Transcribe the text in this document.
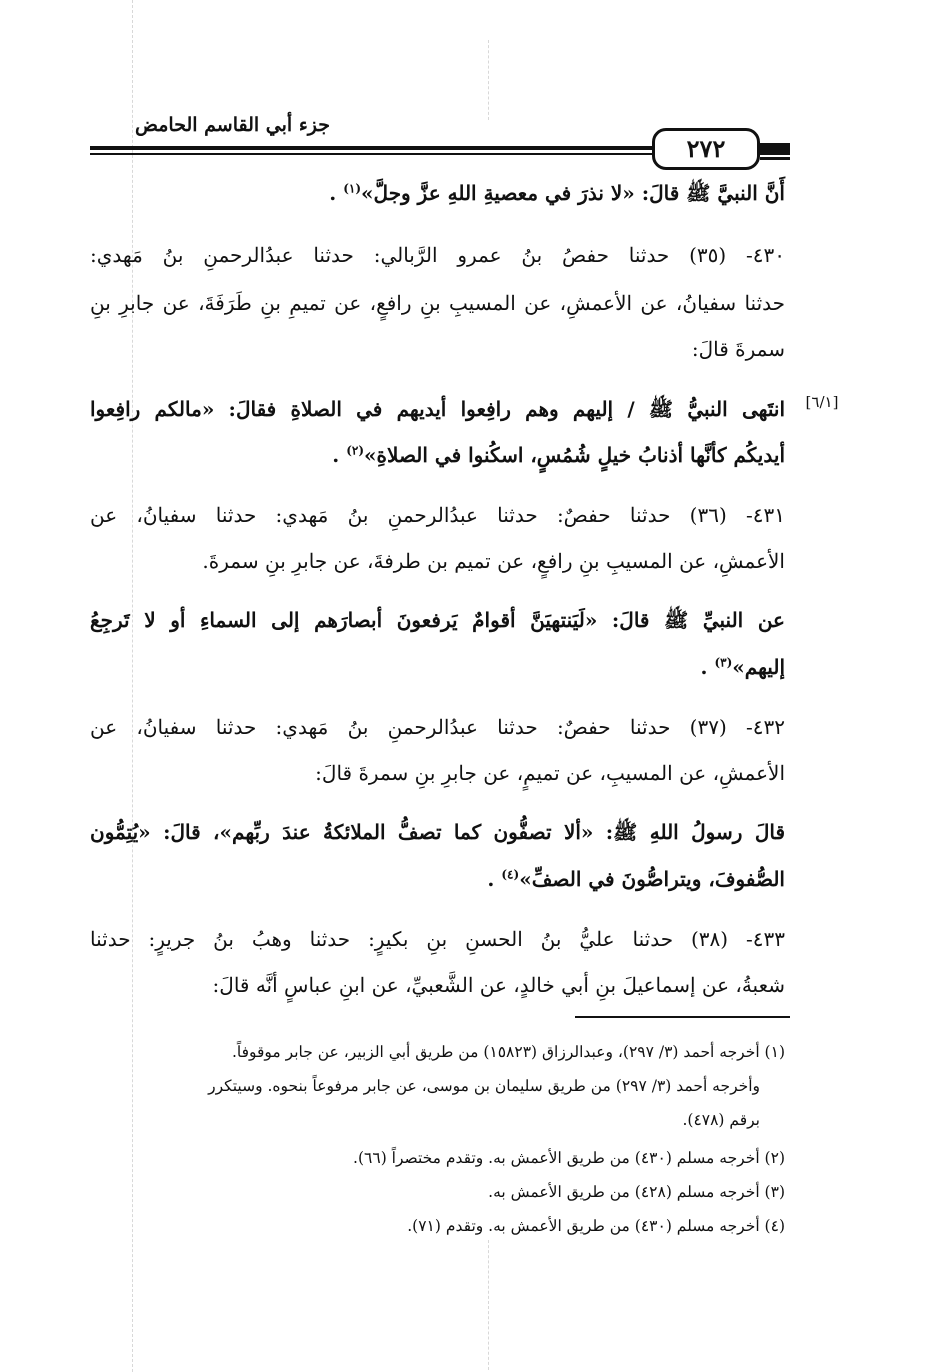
جزء أبي القاسم الحامض
٢٧٢
[٦/١]
أَنَّ النبيَّ ﷺ قالَ: «لا نذرَ في معصيةِ اللهِ عزَّ وجلَّ»$^{(١)}$ .
٤٣٠- (٣٥) حدثنا حفصُ بنُ عمرو الرَّبالي: حدثنا عبدُالرحمنِ بنُ مَهدي:
حدثنا سفيانُ، عن الأعمشِ، عن المسيبِ بنِ رافعٍ، عن تميمِ بنِ طَرَفَةَ، عن جابرِ بنِ
سمرةَ قالَ:
انتَهى النبيُّ ﷺ / إليهم وهم رافِعوا أيديهم في الصلاةِ فقالَ: «مالكم رافِعوا
أيديكُم كأنَّها أذنابُ خيلٍ شُمُسٍ، اسكُنوا في الصلاةِ»$^{(٢)}$ .
٤٣١- (٣٦) حدثنا حفصٌ: حدثنا عبدُالرحمنِ بنُ مَهدي: حدثنا سفيانُ، عن
الأعمشِ، عن المسيبِ بنِ رافعٍ، عن تميم بن طرفةَ، عن جابرِ بنِ سمرةَ.
عن النبيِّ ﷺ قالَ: «لَيَنتهيَنَّ أقوامٌ يَرفعونَ أبصارَهم إلى السماءِ أو لا تَرجِعُ
إليهم»$^{(٣)}$ .
٤٣٢- (٣٧) حدثنا حفصٌ: حدثنا عبدُالرحمنِ بنُ مَهدي: حدثنا سفيانُ، عن
الأعمشِ، عن المسيبِ، عن تميمٍ، عن جابرِ بنِ سمرةَ قالَ:
قالَ رسولُ اللهِ ﷺ: «ألا تصفُّون كما تصفُّ الملائكةُ عندَ ربِّهم»، قالَ: «يُتِمُّون
الصُّفوفَ، ويتراصُّونَ في الصفِّ»$^{(٤)}$ .
٤٣٣- (٣٨) حدثنا عليُّ بنُ الحسنِ بنِ بكيرٍ: حدثنا وهبُ بنُ جريرٍ: حدثنا
شعبةُ، عن إسماعيلَ بنِ أبي خالدٍ، عن الشَّعبيِّ، عن ابنِ عباسٍ أنَّه قالَ:
(١) أخرجه أحمد (٣/ ٢٩٧)، وعبدالرزاق (١٥٨٢٣) من طريق أبي الزبير، عن جابر موقوفاً.
وأخرجه أحمد (٣/ ٢٩٧) من طريق سليمان بن موسى، عن جابر مرفوعاً بنحوه. وسيتكرر
برقم (٤٧٨).
(٢) أخرجه مسلم (٤٣٠) من طريق الأعمش به. وتقدم مختصراً (٦٦).
(٣) أخرجه مسلم (٤٢٨) من طريق الأعمش به.
(٤) أخرجه مسلم (٤٣٠) من طريق الأعمش به. وتقدم (٧١).
